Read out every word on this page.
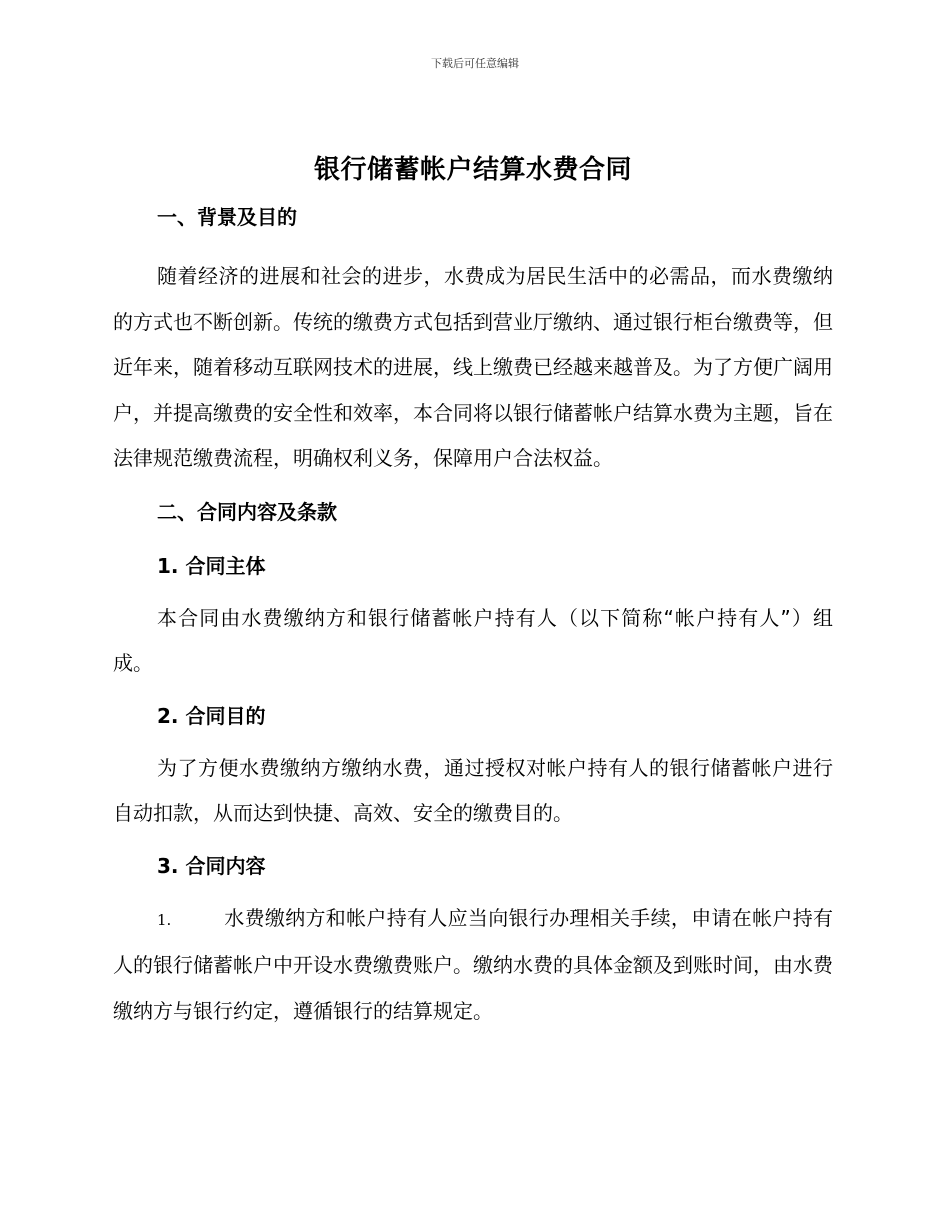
下载后可任意编辑
银行储蓄帐户结算水费合同
一、背景及目的

随着经济的进展和社会的进步，水费成为居民生活中的必需品，而水费缴纳的方式也不断创新。传统的缴费方式包括到营业厅缴纳、通过银行柜台缴费等，但近年来，随着移动互联网技术的进展，线上缴费已经越来越普及。为了方便广阔用户，并提高缴费的安全性和效率，本合同将以银行储蓄帐户结算水费为主题，旨在法律规范缴费流程，明确权利义务，保障用户合法权益。

二、合同内容及条款
1. 合同主体

本合同由水费缴纳方和银行储蓄帐户持有人（以下简称“帐户持有人”）组成。

2. 合同目的

为了方便水费缴纳方缴纳水费，通过授权对帐户持有人的银行储蓄帐户进行自动扣款，从而达到快捷、高效、安全的缴费目的。

3. 合同内容

1.	水费缴纳方和帐户持有人应当向银行办理相关手续，申请在帐户持有人的银行储蓄帐户中开设水费缴费账户。缴纳水费的具体金额及到账时间，由水费缴纳方与银行约定，遵循银行的结算规定。
